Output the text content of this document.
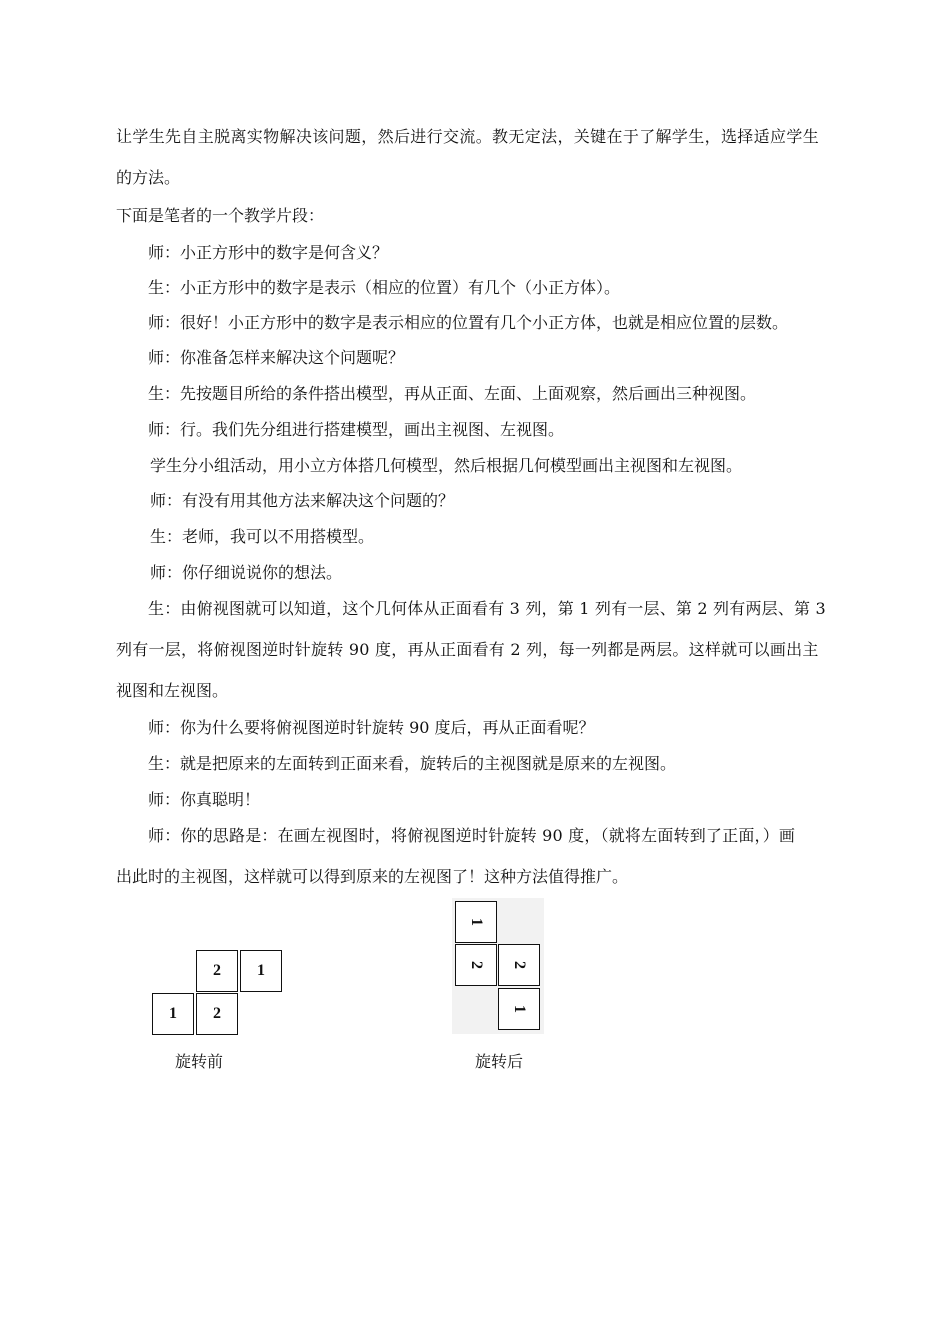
让学生先自主脱离实物解决该问题，然后进行交流。教无定法，关键在于了解学生，选择适应学生
的方法。
下面是笔者的一个教学片段：
师：小正方形中的数字是何含义？
生：小正方形中的数字是表示（相应的位置）有几个（小正方体）。
师：很好！小正方形中的数字是表示相应的位置有几个小正方体，也就是相应位置的层数。
师：你准备怎样来解决这个问题呢？
生：先按题目所给的条件搭出模型，再从正面、左面、上面观察，然后画出三种视图。
师：行。我们先分组进行搭建模型，画出主视图、左视图。
学生分小组活动，用小立方体搭几何模型，然后根据几何模型画出主视图和左视图。
师：有没有用其他方法来解决这个问题的？
生：老师，我可以不用搭模型。
师：你仔细说说你的想法。
生：由俯视图就可以知道，这个几何体从正面看有 3 列，第 1 列有一层、第 2 列有两层、第 3
列有一层，将俯视图逆时针旋转 90 度，再从正面看有 2 列，每一列都是两层。这样就可以画出主
视图和左视图。
师：你为什么要将俯视图逆时针旋转 90 度后，再从正面看呢？
生：就是把原来的左面转到正面来看，旋转后的主视图就是原来的左视图。
师：你真聪明！
师：你的思路是：在画左视图时，将俯视图逆时针旋转 90 度，（就将左面转到了正面，）画
出此时的主视图，这样就可以得到原来的左视图了！这种方法值得推广。
2	1
1	2
旋转前
1
2 2
1
旋转后
